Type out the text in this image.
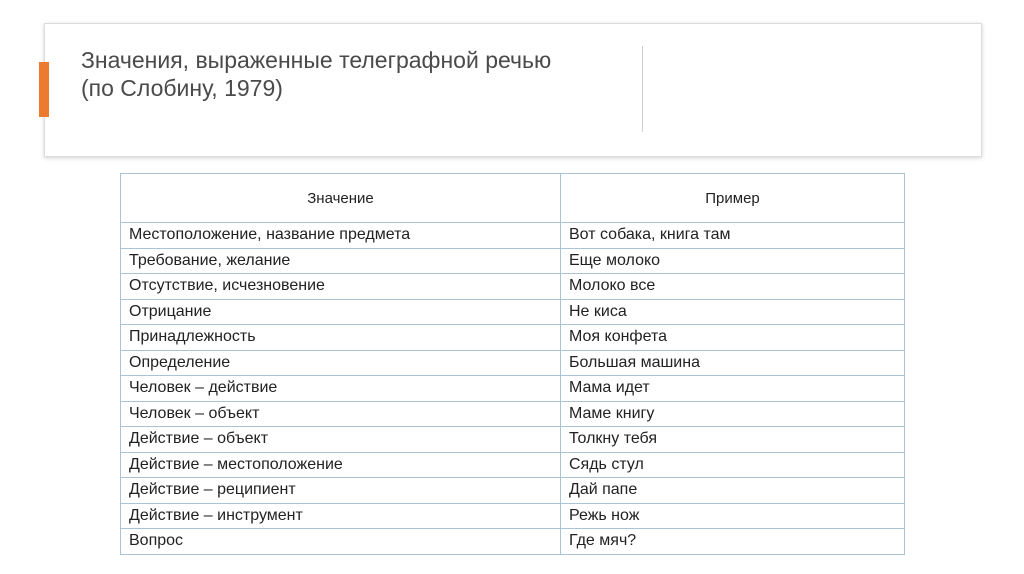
Значения, выраженные телеграфной речью
(по Слобину, 1979)
Значение	Пример
Местоположение, название предмета	Вот собака, книга там
Требование, желание	Еще молоко
Отсутствие, исчезновение	Молоко все
Отрицание	Не киса
Принадлежность	Моя конфета
Определение	Большая машина
Человек – действие	Мама идет
Человек – объект	Маме книгу
Действие – объект	Толкну тебя
Действие – местоположение	Сядь стул
Действие – реципиент	Дай папе
Действие – инструмент	Режь нож
Вопрос	Где мяч?
